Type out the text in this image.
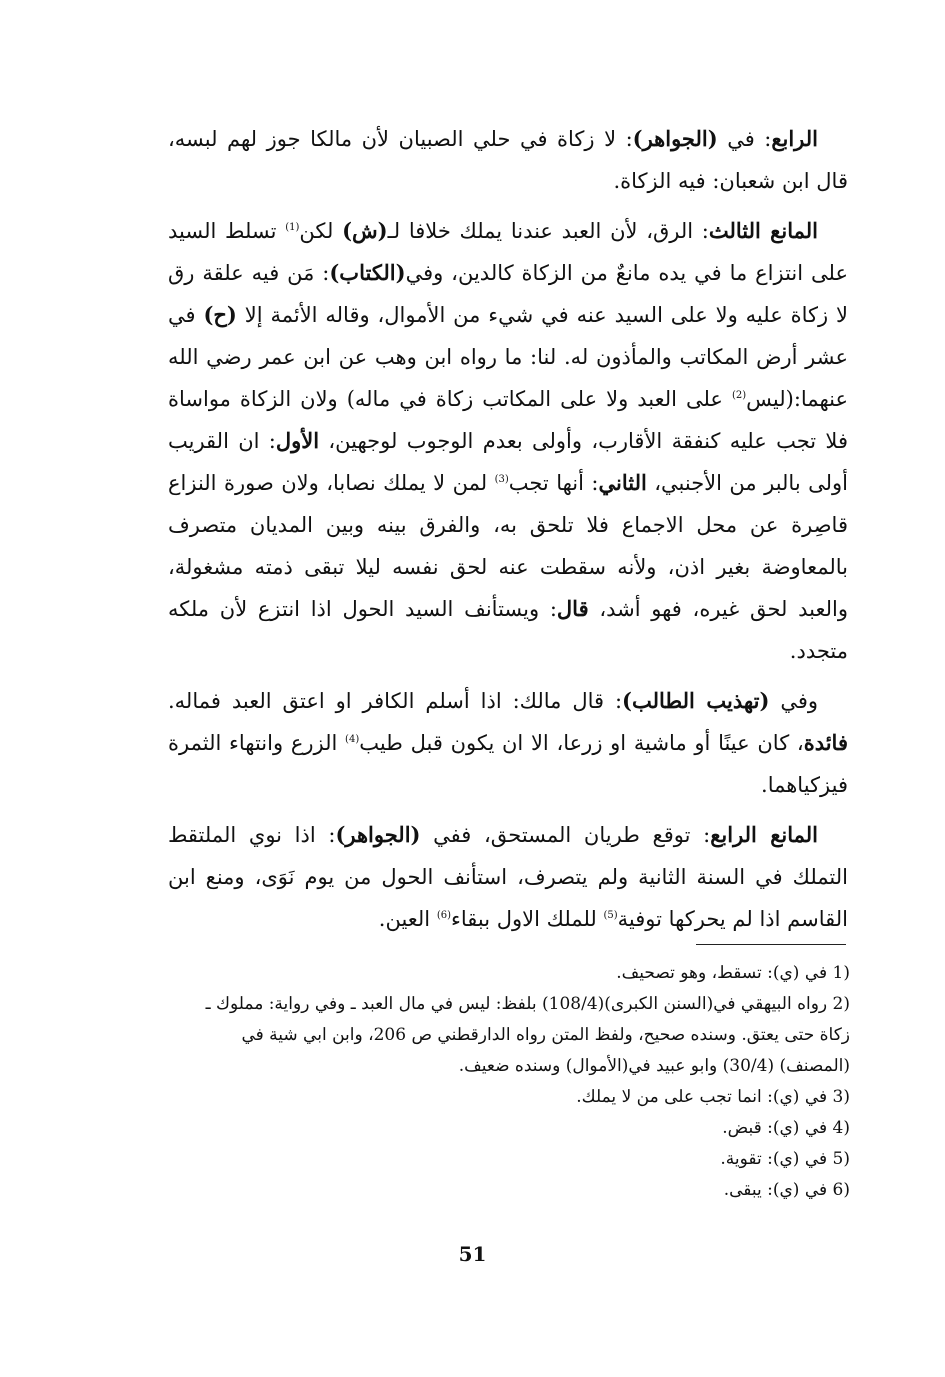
الرابع: في (الجواهر): لا زكاة في حلي الصبيان لأن مالكا جوز لهم لبسه، قال ابن شعبان: فيه الزكاة.

المانع الثالث: الرق، لأن العبد عندنا يملك خلافا لـ(ش) لكن$^{(1)}$ تسلط السيد على انتزاع ما في يده مانعٌ من الزكاة كالدين، وفي(الكتاب): مَن فيه علقة رق لا زكاة عليه ولا على السيد عنه في شيء من الأموال، وقاله الأئمة إلا (ح) في عشر أرض المكاتب والمأذون له. لنا: ما رواه ابن وهب عن ابن عمر رضي الله عنهما:(ليس$^{(2)}$ على العبد ولا على المكاتب زكاة في ماله) ولان الزكاة مواساة فلا تجب عليه كنفقة الأقارب، وأولى بعدم الوجوب لوجهين، الأول: ان القريب أولى بالبر من الأجنبي، الثاني: أنها تجب$^{(3)}$ لمن لا يملك نصابا، ولان صورة النزاع قاصِرة عن محل الاجماع فلا تلحق به، والفرق بينه وبين المديان متصرف بالمعاوضة بغير اذن، ولأنه سقطت عنه لحق نفسه ليلا تبقى ذمته مشغولة، والعبد لحق غيره، فهو أشد، قال: ويستأنف السيد الحول اذا انتزع لأن ملكه متجدد.

وفي (تهذيب الطالب): قال مالك: اذا أسلم الكافر او اعتق العبد فماله. فائدة، كان عينًا أو ماشية او زرعا، الا ان يكون قبل طيب$^{(4)}$ الزرع وانتهاء الثمرة فيزكياهما.

المانع الرابع: توقع طريان المستحق، ففي (الجواهر): اذا نوي الملتقط التملك في السنة الثانية ولم يتصرف، استأنف الحول من يوم نَوَى، ومنع ابن القاسم اذا لم يحركها توفية$^{(5)}$ للملك الاول ببقاء$^{(6)}$ العين.

1) في (ي): تسقط، وهو تصحيف.

2) رواه البيهقي في(السنن الكبرى)(108/4) بلفظ: ليس في مال العبد ـ وفي رواية: مملوك ـ زكاة حتى يعتق. وسنده صحيح، ولفظ المتن رواه الدارقطني ص 206، وابن ابي شية في (المصنف) (30/4) وابو عبيد في(الأموال) وسنده ضعيف.

3) في (ي): انما تجب على من لا يملك.

4) في (ي): قبض.

5) في (ي): تقوية.

6) في (ي): يبقى.

51
